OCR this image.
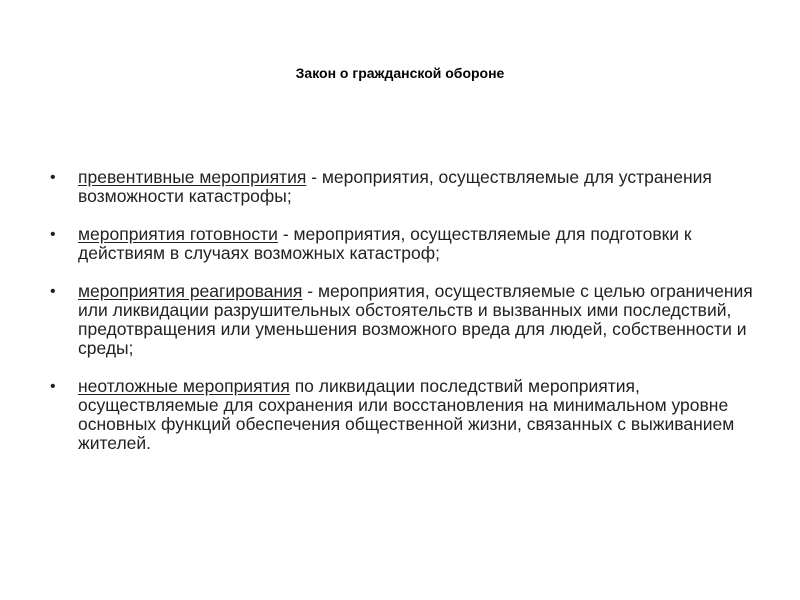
Закон о гражданской обороне
• превентивные мероприятия - мероприятия, осуществляемые для устранения возможности катастрофы;
• мероприятия готовности - мероприятия, осуществляемые для подготовки к действиям в случаях возможных катастроф;
• мероприятия реагирования - мероприятия, осуществляемые с целью ограничения или ликвидации разрушительных обстоятельств и вызванных ими последствий, предотвращения или уменьшения возможного вреда для людей, собственности и среды;
• неотложные мероприятия по ликвидации последствий мероприятия, осуществляемые для сохранения или восстановления на минимальном уровне основных функций обеспечения общественной жизни, связанных с выживанием жителей.
